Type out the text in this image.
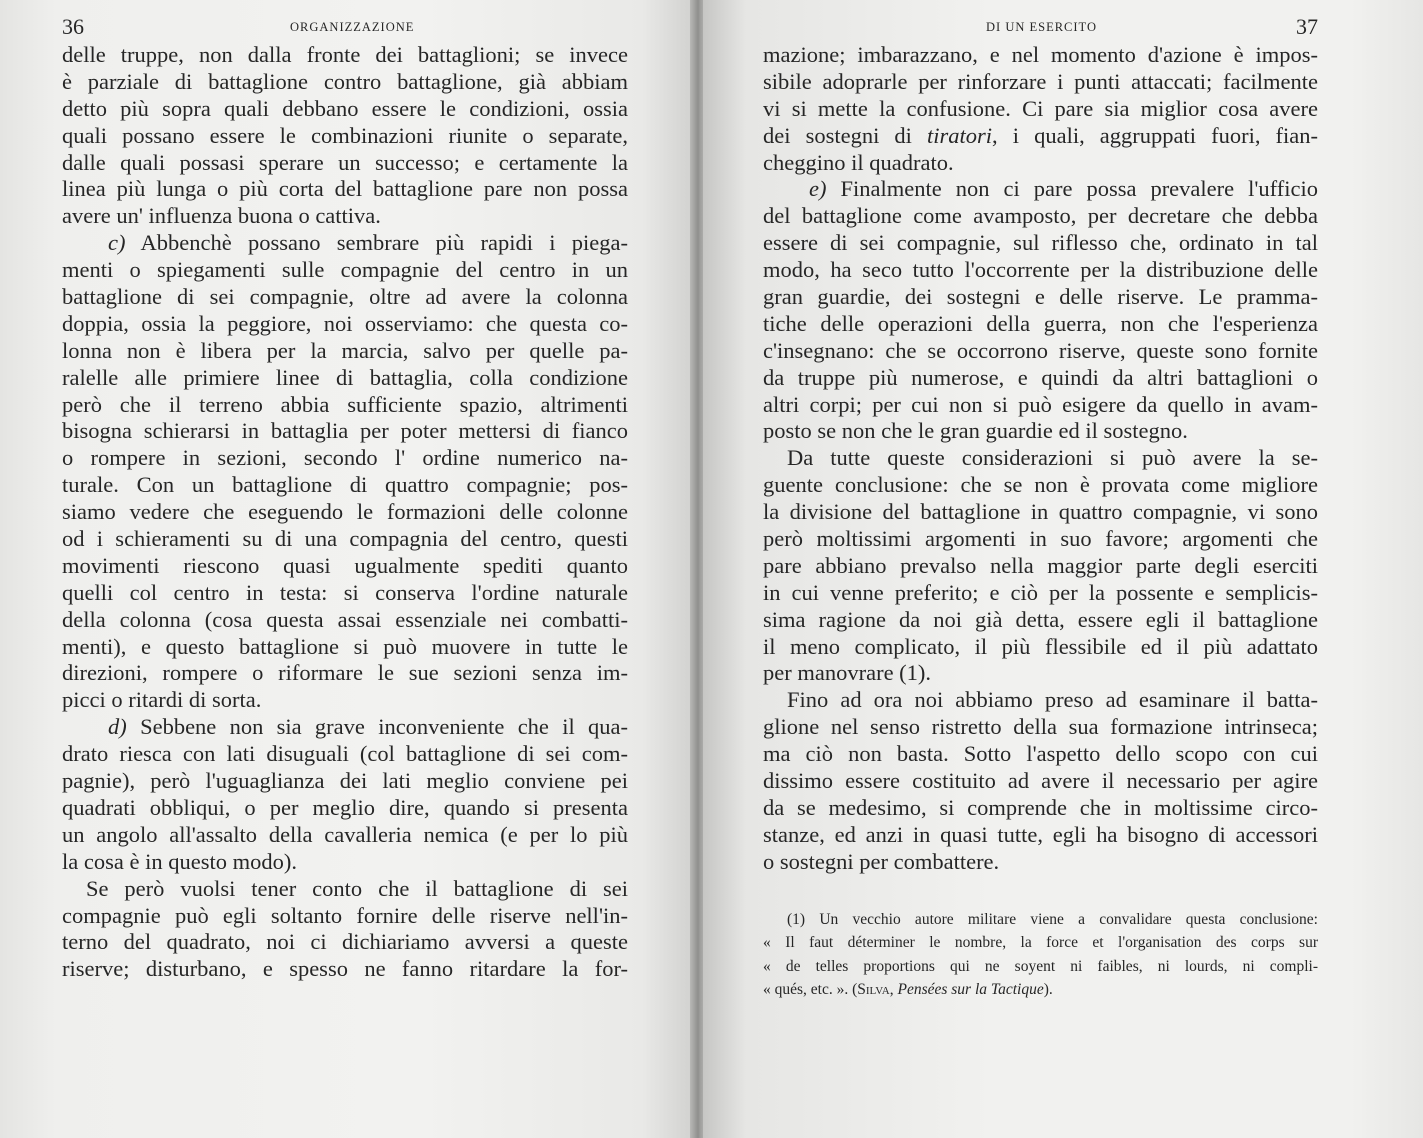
36	ORGANIZZAZIONE
delle truppe, non dalla fronte dei battaglioni; se invece
è parziale di battaglione contro battaglione, già abbiam
detto più sopra quali debbano essere le condizioni, ossia
quali possano essere le combinazioni riunite o separate,
dalle quali possasi sperare un successo; e certamente la
linea più lunga o più corta del battaglione pare non possa
avere un' influenza buona o cattiva.
c) Abbenchè possano sembrare più rapidi i piega-
menti o spiegamenti sulle compagnie del centro in un
battaglione di sei compagnie, oltre ad avere la colonna
doppia, ossia la peggiore, noi osserviamo: che questa co-
lonna non è libera per la marcia, salvo per quelle pa-
ralelle alle primiere linee di battaglia, colla condizione
però che il terreno abbia sufficiente spazio, altrimenti
bisogna schierarsi in battaglia per poter mettersi di fianco
o rompere in sezioni, secondo l' ordine numerico na-
turale. Con un battaglione di quattro compagnie; pos-
siamo vedere che eseguendo le formazioni delle colonne
od i schieramenti su di una compagnia del centro, questi
movimenti riescono quasi ugualmente spediti quanto
quelli col centro in testa: si conserva l'ordine naturale
della colonna (cosa questa assai essenziale nei combatti-
menti), e questo battaglione si può muovere in tutte le
direzioni, rompere o riformare le sue sezioni senza im-
picci o ritardi di sorta.
d) Sebbene non sia grave inconveniente che il qua-
drato riesca con lati disuguali (col battaglione di sei com-
pagnie), però l'uguaglianza dei lati meglio conviene pei
quadrati obbliqui, o per meglio dire, quando si presenta
un angolo all'assalto della cavalleria nemica (e per lo più
la cosa è in questo modo).
Se però vuolsi tener conto che il battaglione di sei
compagnie può egli soltanto fornire delle riserve nell'in-
terno del quadrato, noi ci dichiariamo avversi a queste
riserve; disturbano, e spesso ne fanno ritardare la for-
DI UN ESERCITO	37
mazione; imbarazzano, e nel momento d'azione è impos-
sibile adoprarle per rinforzare i punti attaccati; facilmente
vi si mette la confusione. Ci pare sia miglior cosa avere
dei sostegni di tiratori, i quali, aggruppati fuori, fian-
cheggino il quadrato.
e) Finalmente non ci pare possa prevalere l'ufficio
del battaglione come avamposto, per decretare che debba
essere di sei compagnie, sul riflesso che, ordinato in tal
modo, ha seco tutto l'occorrente per la distribuzione delle
gran guardie, dei sostegni e delle riserve. Le pramma-
tiche delle operazioni della guerra, non che l'esperienza
c'insegnano: che se occorrono riserve, queste sono fornite
da truppe più numerose, e quindi da altri battaglioni o
altri corpi; per cui non si può esigere da quello in avam-
posto se non che le gran guardie ed il sostegno.
Da tutte queste considerazioni si può avere la se-
guente conclusione: che se non è provata come migliore
la divisione del battaglione in quattro compagnie, vi sono
però moltissimi argomenti in suo favore; argomenti che
pare abbiano prevalso nella maggior parte degli eserciti
in cui venne preferito; e ciò per la possente e semplicis-
sima ragione da noi già detta, essere egli il battaglione
il meno complicato, il più flessibile ed il più adattato
per manovrare (1).
Fino ad ora noi abbiamo preso ad esaminare il batta-
glione nel senso ristretto della sua formazione intrinseca;
ma ciò non basta. Sotto l'aspetto dello scopo con cui
dissimo essere costituito ad avere il necessario per agire
da se medesimo, si comprende che in moltissime circo-
stanze, ed anzi in quasi tutte, egli ha bisogno di accessori
o sostegni per combattere.
(1) Un vecchio autore militare viene a convalidare questa conclusione:
« Il faut déterminer le nombre, la force et l'organisation des corps sur
« de telles proportions qui ne soyent ni faibles, ni lourds, ni compli-
« qués, etc. ». (Silva, Pensées sur la Tactique).
